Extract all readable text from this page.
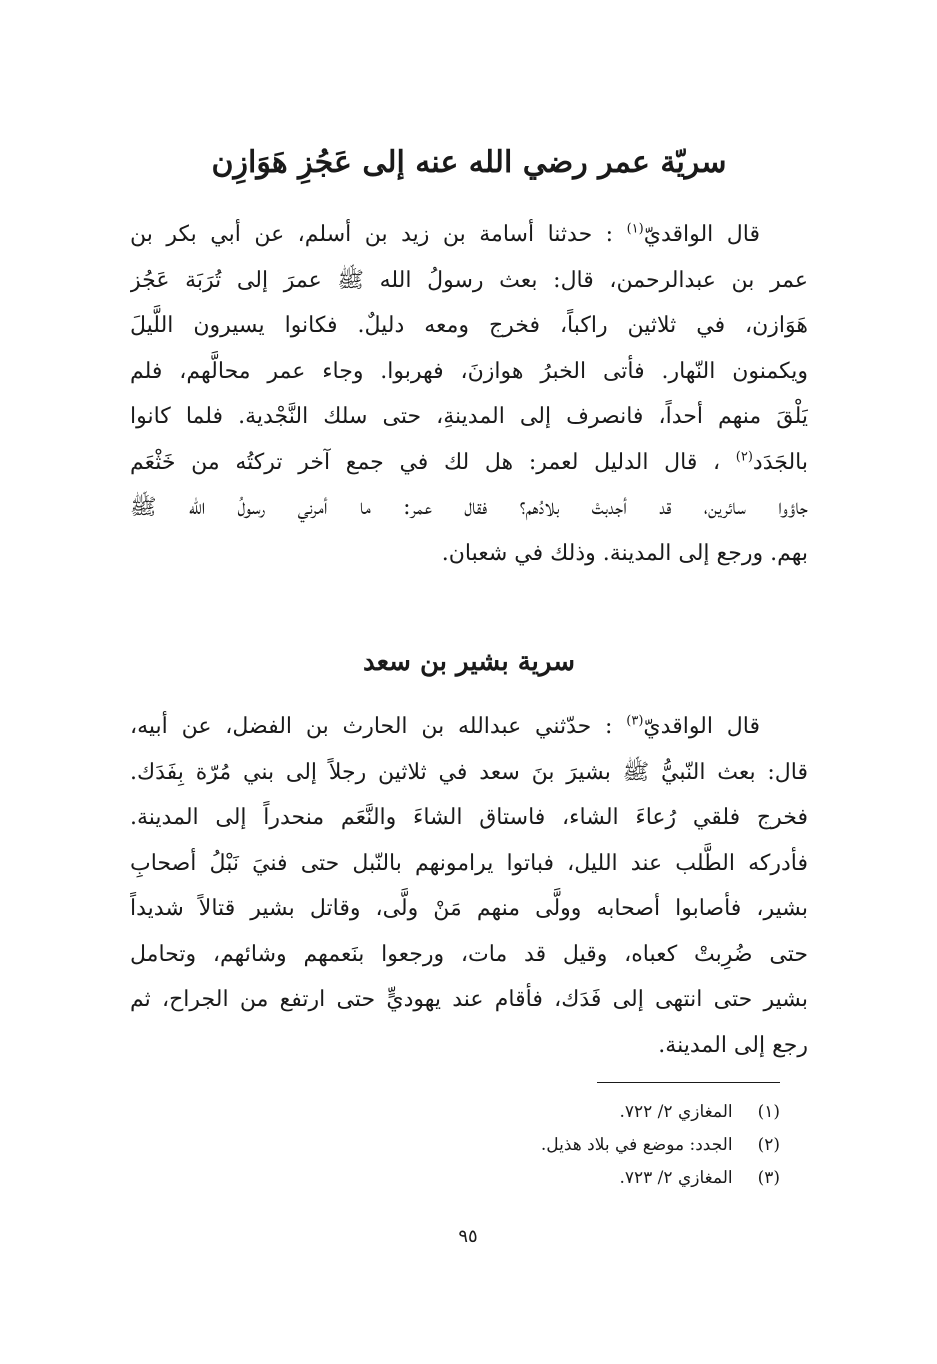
سريّة عمر رضي الله عنه إلى عَجُزِ هَوَازِن
قال الواقديّ$^{(١)}$ : حدثنا أسامة بن زيد بن أسلم، عن أبي بكر بن
عمر بن عبدالرحمن، قال: بعث رسولُ الله ﷺ عمرَ إلى تُرَبَة عَجُز
هَوَازن، في ثلاثين راكباً، فخرج ومعه دليلٌ. فكانوا يسيرون اللَّيلَ
ويكمنون النّهار. فأتى الخبرُ هوازنَ، فهربوا. وجاء عمر محالَّهم، فلم
يَلْقَ منهم أحداً، فانصرف إلى المدينةِ، حتى سلك النَّجْدية. فلما كانوا
بالجَدَد$^{(٢)}$ ، قال الدليل لعمر: هل لك في جمع آخر تركتُه من خَثْعَم
جاؤوا سائرين، قد أجدبتْ بلادُهم؟ فقال عمر: ما أمرني رسولُ الله ﷺ
بهم. ورجع إلى المدينة. وذلك في شعبان.
سرية بشير بن سعد
قال الواقديّ$^{(٣)}$ : حدّثني عبدالله بن الحارث بن الفضل، عن أبيه،
قال: بعث النّبيُّ ﷺ بشيرَ بنَ سعد في ثلاثين رجلاً إلى بني مُرّة بِفَدَك.
فخرج فلقي رُعاءَ الشاء، فاستاق الشاءَ والنَّعَم منحدراً إلى المدينة.
فأدركه الطَّلب عند الليل، فباتوا يرامونهم بالنّبل حتى فنيَ نَبْلُ أصحابِ
بشير، فأصابوا أصحابه وولَّى منهم مَنْ ولَّى، وقاتل بشير قتالاً شديداً
حتى ضُرِبتْ كعباه، وقيل قد مات، ورجعوا بنَعمهم وشائهم، وتحامل
بشير حتى انتهى إلى فَدَك، فأقام عند يهوديٍّ حتى ارتفع من الجراح، ثم
رجع إلى المدينة.
(١) المغازي ٢/ ٧٢٢.
(٢) الجدد: موضع في بلاد هذيل.
(٣) المغازي ٢/ ٧٢٣.
٩٥
